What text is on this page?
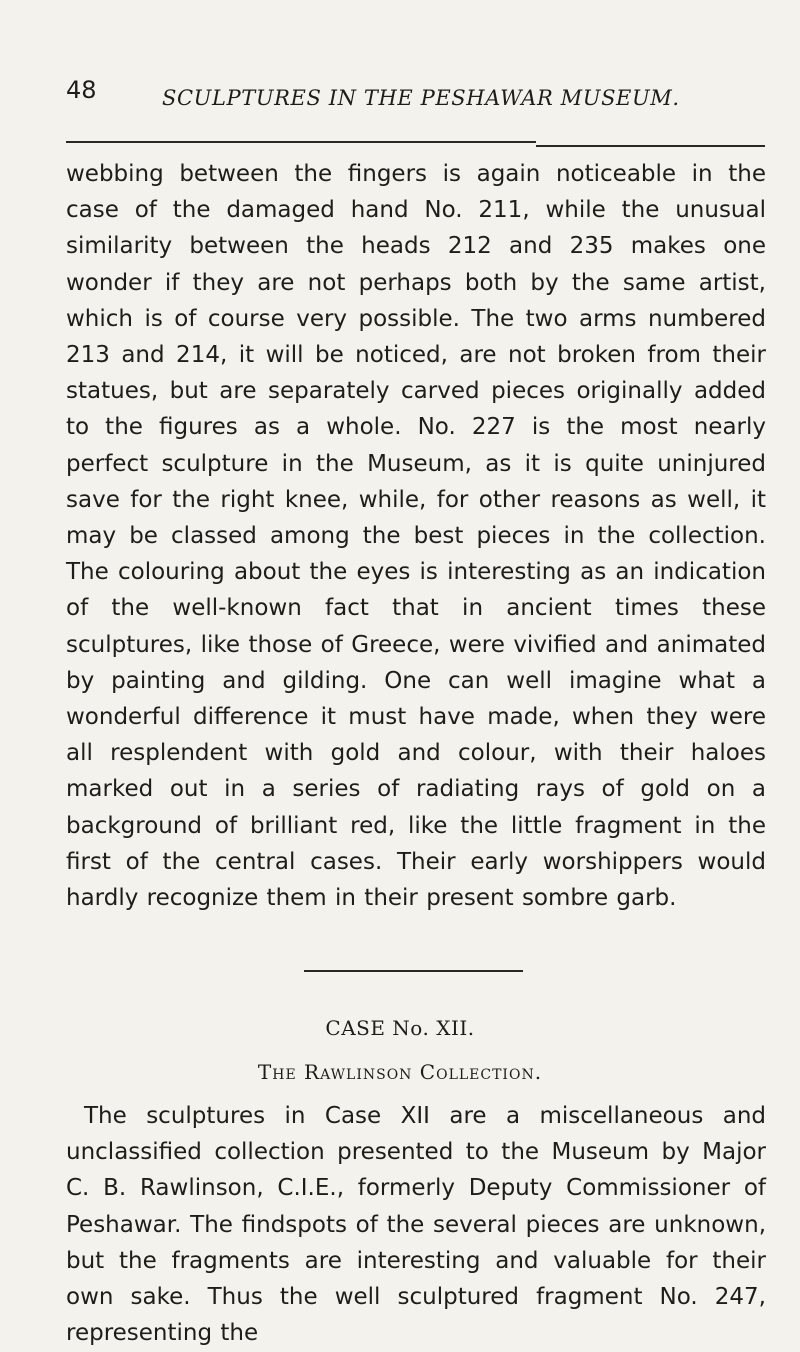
48	SCULPTURES IN THE PESHAWAR MUSEUM.
webbing between the fingers is again noticeable in the case of the damaged hand No. 211, while the unusual similarity between the heads 212 and 235 makes one wonder if they are not perhaps both by the same artist, which is of course very possible. The two arms numbered 213 and 214, it will be noticed, are not broken from their statues, but are separately carved pieces originally added to the figures as a whole. No. 227 is the most nearly perfect sculpture in the Museum, as it is quite uninjured save for the right knee, while, for other reasons as well, it may be classed among the best pieces in the collection. The colouring about the eyes is interesting as an indication of the well-known fact that in ancient times these sculptures, like those of Greece, were vivified and animated by painting and gilding. One can well imagine what a wonderful difference it must have made, when they were all resplendent with gold and colour, with their haloes marked out in a series of radiating rays of gold on a background of brilliant red, like the little fragment in the first of the central cases. Their early worshippers would hardly recognize them in their present sombre garb.
CASE No. XII.
The Rawlinson Collection.
The sculptures in Case XII are a miscellaneous and unclassified collection presented to the Museum by Major C. B. Rawlinson, C.I.E., formerly Deputy Commissioner of Peshawar. The findspots of the several pieces are unknown, but the fragments are interesting and valuable for their own sake. Thus the well sculptured fragment No. 247, representing the
